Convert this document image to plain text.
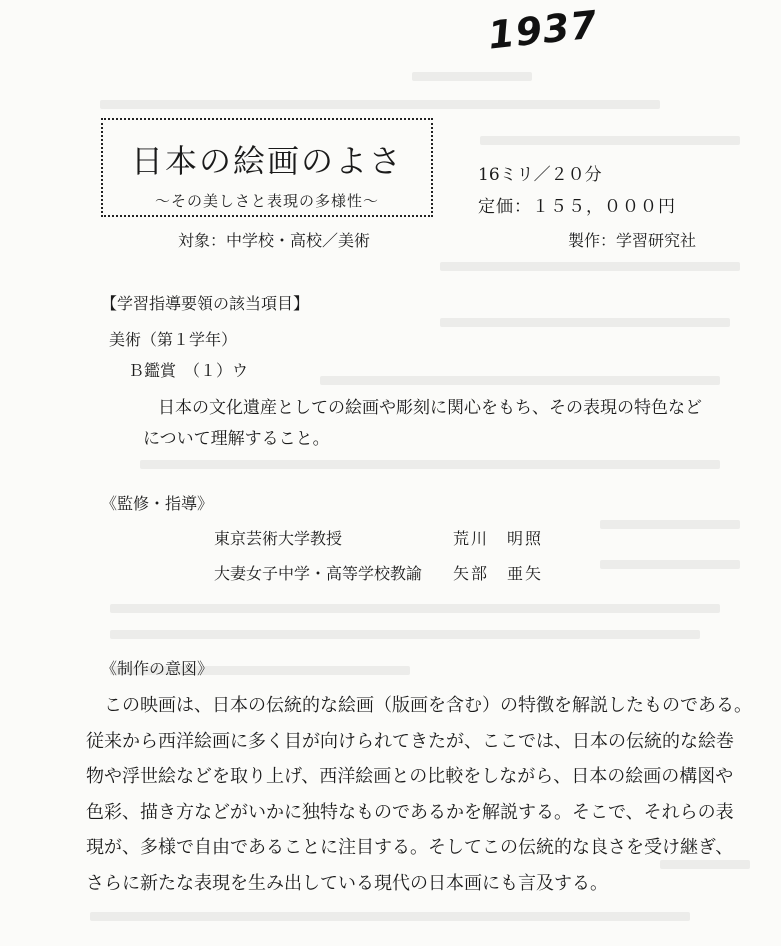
1937
日本の絵画のよさ
〜その美しさと表現の多様性〜
16ミリ／２０分
定価：１５５，０００円
対象：中学校・高校／美術	製作：学習研究社
【学習指導要領の該当項目】
美術（第１学年）
Ｂ鑑賞　（１）ウ
日本の文化遺産としての絵画や彫刻に関心をもち、その表現の特色など
について理解すること。
《監修・指導》
東京芸術大学教授	荒川　明照
大妻女子中学・高等学校教諭 矢部　亜矢
《制作の意図》
この映画は、日本の伝統的な絵画（版画を含む）の特徴を解説したものである。
従来から西洋絵画に多く目が向けられてきたが、ここでは、日本の伝統的な絵巻
物や浮世絵などを取り上げ、西洋絵画との比較をしながら、日本の絵画の構図や
色彩、描き方などがいかに独特なものであるかを解説する。そこで、それらの表
現が、多様で自由であることに注目する。そしてこの伝統的な良さを受け継ぎ、
さらに新たな表現を生み出している現代の日本画にも言及する。
